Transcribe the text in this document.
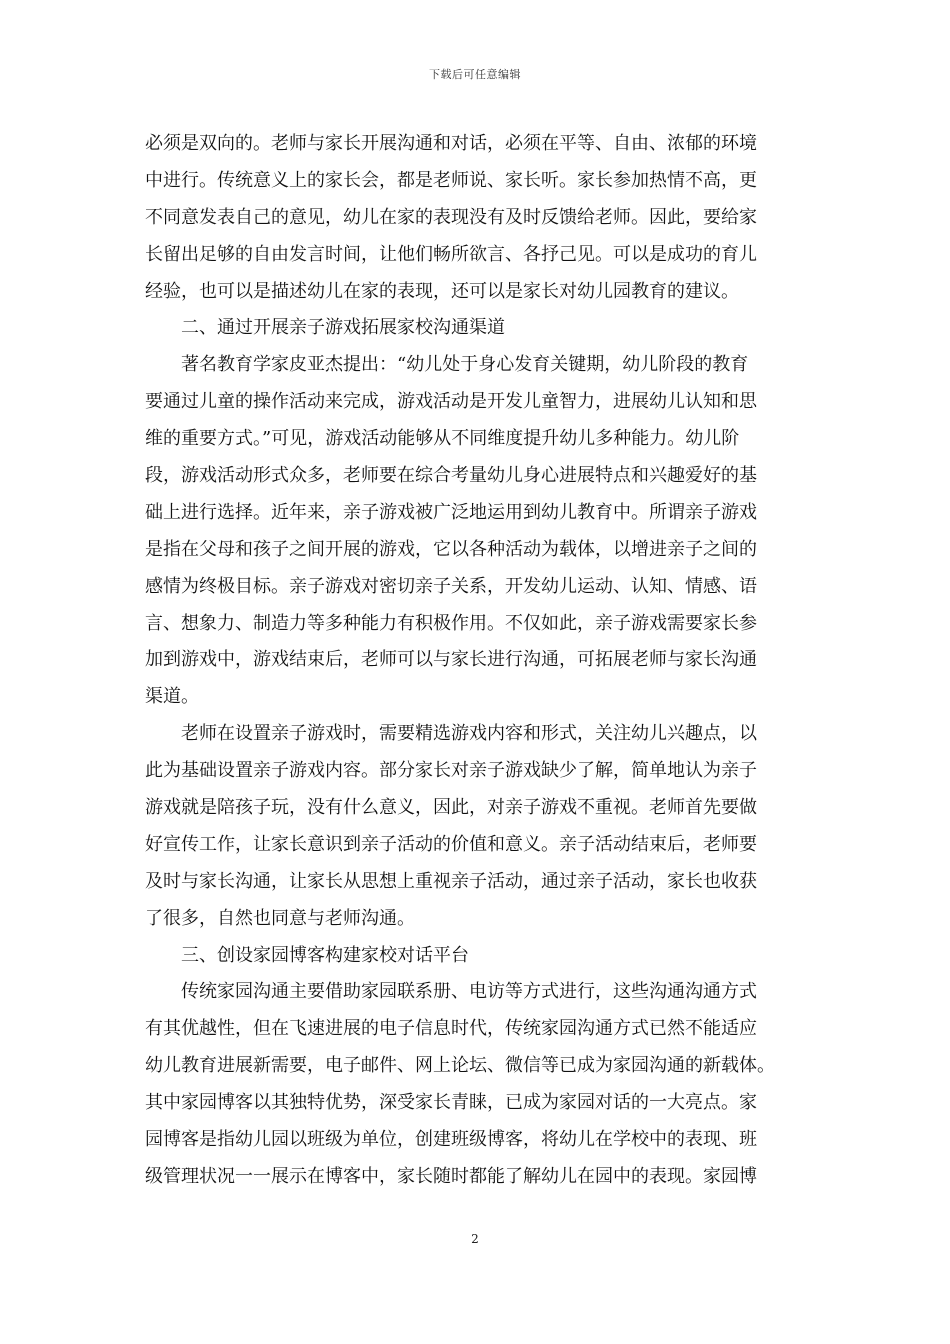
下载后可任意编辑
必须是双向的。老师与家长开展沟通和对话，必须在平等、自由、浓郁的环境
中进行。传统意义上的家长会，都是老师说、家长听。家长参加热情不高，更
不同意发表自己的意见，幼儿在家的表现没有及时反馈给老师。因此，要给家
长留出足够的自由发言时间，让他们畅所欲言、各抒己见。可以是成功的育儿
经验，也可以是描述幼儿在家的表现，还可以是家长对幼儿园教育的建议。
二、通过开展亲子游戏拓展家校沟通渠道
著名教育学家皮亚杰提出：“幼儿处于身心发育关键期，幼儿阶段的教育
要通过儿童的操作活动来完成，游戏活动是开发儿童智力，进展幼儿认知和思
维的重要方式。”可见，游戏活动能够从不同维度提升幼儿多种能力。幼儿阶
段，游戏活动形式众多，老师要在综合考量幼儿身心进展特点和兴趣爱好的基
础上进行选择。近年来，亲子游戏被广泛地运用到幼儿教育中。所谓亲子游戏
是指在父母和孩子之间开展的游戏，它以各种活动为载体，以增进亲子之间的
感情为终极目标。亲子游戏对密切亲子关系，开发幼儿运动、认知、情感、语
言、想象力、制造力等多种能力有积极作用。不仅如此，亲子游戏需要家长参
加到游戏中，游戏结束后，老师可以与家长进行沟通，可拓展老师与家长沟通
渠道。
老师在设置亲子游戏时，需要精选游戏内容和形式，关注幼儿兴趣点，以
此为基础设置亲子游戏内容。部分家长对亲子游戏缺少了解，简单地认为亲子
游戏就是陪孩子玩，没有什么意义，因此，对亲子游戏不重视。老师首先要做
好宣传工作，让家长意识到亲子活动的价值和意义。亲子活动结束后，老师要
及时与家长沟通，让家长从思想上重视亲子活动，通过亲子活动，家长也收获
了很多，自然也同意与老师沟通。
三、创设家园博客构建家校对话平台
传统家园沟通主要借助家园联系册、电访等方式进行，这些沟通沟通方式
有其优越性，但在飞速进展的电子信息时代，传统家园沟通方式已然不能适应
幼儿教育进展新需要，电子邮件、网上论坛、微信等已成为家园沟通的新载体。
其中家园博客以其独特优势，深受家长青睐，已成为家园对话的一大亮点。家
园博客是指幼儿园以班级为单位，创建班级博客，将幼儿在学校中的表现、班
级管理状况一一展示在博客中，家长随时都能了解幼儿在园中的表现。家园博
2
